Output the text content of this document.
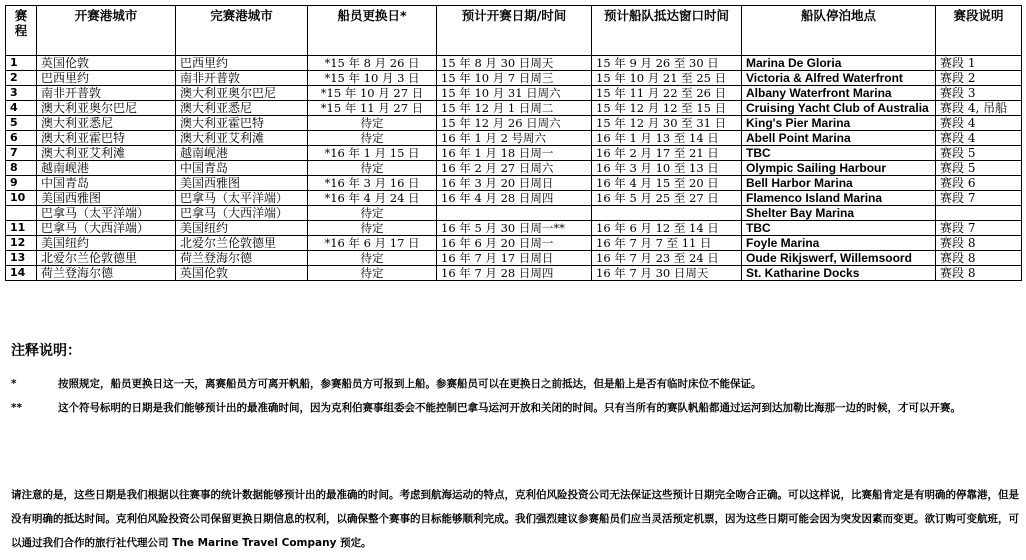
赛程	开赛港城市	完赛港城市	船员更换日*	预计开赛日期/时间	预计船队抵达窗口时间	船队停泊地点	赛段说明
1	英国伦敦	巴西里约	*15 年 8 月 26 日	15 年 8 月 30 日周天	15 年 9 月 26 至 30 日	Marina De Gloria	赛段 1
2	巴西里约	南非开普敦	*15 年 10 月 3 日	15 年 10 月 7 日周三	15 年 10 月 21 至 25 日	Victoria & Alfred Waterfront	赛段 2
3	南非开普敦	澳大利亚奥尔巴尼	*15 年 10 月 27 日	15 年 10 月 31 日周六	15 年 11 月 22 至 26 日	Albany Waterfront Marina	赛段 3
4	澳大利亚奥尔巴尼	澳大利亚悉尼	*15 年 11 月 27 日	15 年 12 月 1 日周二	15 年 12 月 12 至 15 日	Cruising Yacht Club of Australia	赛段 4, 吊船
5	澳大利亚悉尼	澳大利亚霍巴特	待定	15 年 12 月 26 日周六	15 年 12 月 30 至 31 日	King's Pier Marina	赛段 4
6	澳大利亚霍巴特	澳大利亚艾利滩	待定	16 年 1 月 2 号周六	16 年 1 月 13 至 14 日	Abell Point Marina	赛段 4
7	澳大利亚艾利滩	越南岘港	*16 年 1 月 15 日	16 年 1 月 18 日周一	16 年 2 月 17 至 21 日	TBC	赛段 5
8	越南岘港	中国青岛	待定	16 年 2 月 27 日周六	16 年 3 月 10 至 13 日	Olympic Sailing Harbour	赛段 5
9	中国青岛	美国西雅图	*16 年 3 月 16 日	16 年 3 月 20 日周日	16 年 4 月 15 至 20 日	Bell Harbor Marina	赛段 6
10	美国西雅图	巴拿马（太平洋端）	*16 年 4 月 24 日	16 年 4 月 28 日周四	16 年 5 月 25 至 27 日	Flamenco Island Marina	赛段 7
	巴拿马（太平洋端）	巴拿马（大西洋端）	待定			Shelter Bay Marina	
11	巴拿马（大西洋端）	美国纽约	待定	16 年 5 月 30 日周一**	16 年 6 月 12 至 14 日	TBC	赛段 7
12	美国纽约	北爱尔兰伦敦德里	*16 年 6 月 17 日	16 年 6 月 20 日周一	16 年 7 月 7 至 11 日	Foyle Marina	赛段 8
13	北爱尔兰伦敦德里	荷兰登海尔德	待定	16 年 7 月 17 日周日	16 年 7 月 23 至 24 日	Oude Rikjswerf, Willemsoord	赛段 8
14	荷兰登海尔德	英国伦敦	待定	16 年 7 月 28 日周四	16 年 7 月 30 日周天	St. Katharine Docks	赛段 8
注释说明：
*	按照规定，船员更换日这一天，离赛船员方可离开帆船，参赛船员方可报到上船。参赛船员可以在更换日之前抵达，但是船上是否有临时床位不能保证。
**	这个符号标明的日期是我们能够预计出的最准确时间，因为克利伯赛事组委会不能控制巴拿马运河开放和关闭的时间。只有当所有的赛队帆船都通过运河到达加勒比海那一边的时候，才可以开赛。
请注意的是，这些日期是我们根据以往赛事的统计数据能够预计出的最准确的时间。考虑到航海运动的特点，克利伯风险投资公司无法保证这些预计日期完全吻合正确。可以这样说，比赛船肯定是有明确的停靠港，但是没有明确的抵达时间。克利伯风险投资公司保留更换日期信息的权利，以确保整个赛事的目标能够顺利完成。我们强烈建议参赛船员们应当灵活预定机票，因为这些日期可能会因为突发因素而变更。欲订购可变航班，可以通过我们合作的旅行社代理公司 The Marine Travel Company 预定。
